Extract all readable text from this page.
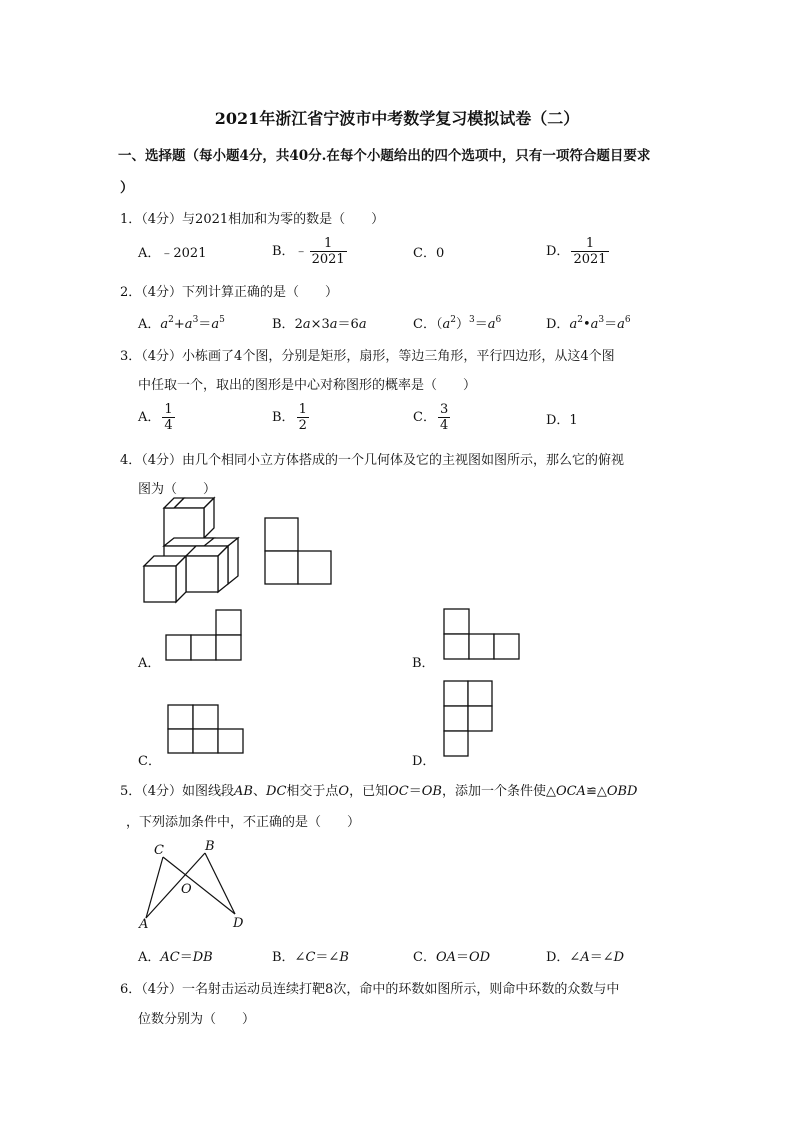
2021年浙江省宁波市中考数学复习模拟试卷（二）
一、选择题（每小题4分，共40分.在每个小题给出的四个选项中，只有一项符合题目要求
）
1．（4分）与2021相加和为零的数是（　　）
A．﹣2021	B．﹣ $\frac{1}{2021}$	C．0	D． $\frac{1}{2021}$
2．（4分）下列计算正确的是（　　）
A．$a^2+a^3=a^5$	B．2a×3a＝6a	C．$(a^2)^3=a^6$	D．$a^2•a^3=a^6$
3．（4分）小栋画了4个图，分别是矩形，扇形，等边三角形，平行四边形，从这4个图
中任取一个，取出的图形是中心对称图形的概率是（　　）
A． $\frac{1}{4}$	B． $\frac{1}{2}$	C． $\frac{3}{4}$	D．1
4．（4分）由几个相同小立方体搭成的一个几何体及它的主视图如图所示，那么它的俯视
图为（　　）
A．	B．
C．	D．
5．（4分）如图线段AB、DC相交于点O，已知OC＝OB，添加一个条件使△OCA≌△OBD
，下列添加条件中，不正确的是（　　）
C	B
O
A	D
A．AC＝DB	B．∠C＝∠B	C．OA＝OD	D．∠A＝∠D
6．（4分）一名射击运动员连续打靶8次，命中的环数如图所示，则命中环数的众数与中
位数分别为（　　）
